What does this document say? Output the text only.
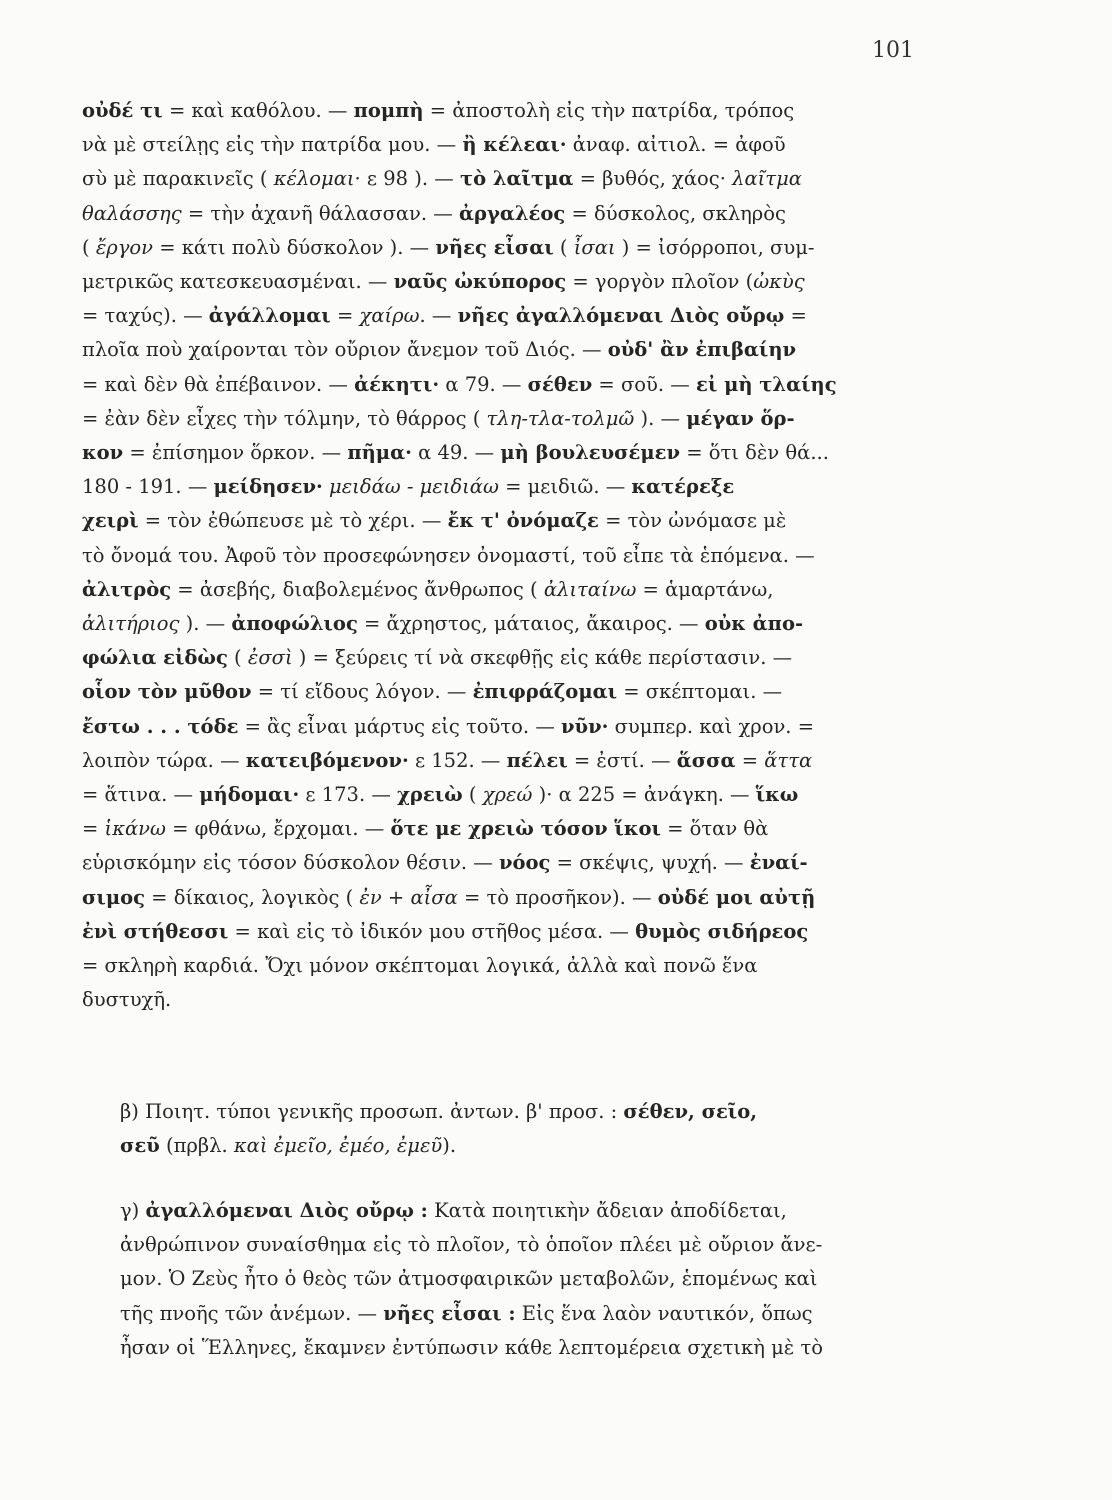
101
οὐδέ τι = καὶ καθόλου. — πομπὴ = ἀποστολὴ εἰς τὴν πατρίδα, τρόπος
νὰ μὲ στείλῃς εἰς τὴν πατρίδα μου. — ἢ κέλεαι· ἀναφ. αἰτιολ. = ἀφοῦ
σὺ μὲ παρακινεῖς ( κέλομαι· ε 98 ). — τὸ λαῖτμα = βυθός, χάος· λαῖτμα
θαλάσσης = τὴν ἀχανῆ θάλασσαν. — ἀργαλέος = δύσκολος, σκληρὸς
( ἔργον = κάτι πολὺ δύσκολον ). — νῆες εἶσαι ( ἶσαι ) = ἰσόρροποι, συμ-
μετρικῶς κατεσκευασμέναι. — ναῦς ὠκύπορος = γοργὸν πλοῖον (ὠκὺς
= ταχύς). — ἀγάλλομαι = χαίρω. — νῆες ἀγαλλόμεναι Διὸς οὔρῳ =
πλοῖα ποὺ χαίρονται τὸν οὔριον ἄνεμον τοῦ Διός. — οὐδ' ἂν ἐπιβαίην
= καὶ δὲν θὰ ἐπέβαινον. — ἀέκητι· α 79. — σέθεν = σοῦ. — εἰ μὴ τλαίης
= ἐὰν δὲν εἶχες τὴν τόλμην, τὸ θάρρος ( τλη-τλα-τολμῶ ). — μέγαν ὅρ-
κον = ἐπίσημον ὅρκον. — πῆμα· α 49. — μὴ βουλευσέμεν = ὅτι δὲν θά...
180 - 191. — μείδησεν· μειδάω - μειδιάω = μειδιῶ. — κατέρεξε
χειρὶ = τὸν ἐθώπευσε μὲ τὸ χέρι. — ἔκ τ' ὀνόμαζε = τὸν ὠνόμασε μὲ
τὸ ὄνομά του. Ἀφοῦ τὸν προσεφώνησεν ὀνομαστί, τοῦ εἶπε τὰ ἑπόμενα. —
ἀλιτρὸς = ἀσεβής, διαβολεμένος ἄνθρωπος ( ἀλιταίνω = ἁμαρτάνω,
ἀλιτήριος ). — ἀποφώλιος = ἄχρηστος, μάταιος, ἄκαιρος. — οὐκ ἀπο-
φώλια εἰδὼς ( ἐσσὶ ) = ξεύρεις τί νὰ σκεφθῇς εἰς κάθε περίστασιν. —
οἷον τὸν μῦθον = τί εἴδους λόγον. — ἐπιφράζομαι = σκέπτομαι. —
ἔστω . . . τόδε = ἂς εἶναι μάρτυς εἰς τοῦτο. — νῦν· συμπερ. καὶ χρον. =
λοιπὸν τώρα. — κατειβόμενον· ε 152. — πέλει = ἐστί. — ἅσσα = ἅττα
= ἅτινα. — μήδομαι· ε 173. — χρειὼ ( χρεώ )· α 225 = ἀνάγκη. — ἵκω
= ἱκάνω = φθάνω, ἔρχομαι. — ὅτε με χρειὼ τόσον ἵκοι = ὅταν θὰ
εὑρισκόμην εἰς τόσον δύσκολον θέσιν. — νόος = σκέψις, ψυχή. — ἐναί-
σιμος = δίκαιος, λογικὸς ( ἐν + αἶσα = τὸ προσῆκον). — οὐδέ μοι αὐτῇ
ἐνὶ στήθεσσι = καὶ εἰς τὸ ἰδικόν μου στῆθος μέσα. — θυμὸς σιδήρεος
= σκληρὴ καρδιά. Ὄχι μόνον σκέπτομαι λογικά, ἀλλὰ καὶ πονῶ ἕνα
δυστυχῆ.
β) Ποιητ. τύποι γενικῆς προσωπ. ἀντων. β' προσ. : σέθεν, σεῖο,
σεῦ (πρβλ. καὶ ἐμεῖο, ἐμέο, ἐμεῦ).
γ) ἀγαλλόμεναι Διὸς οὔρῳ : Κατὰ ποιητικὴν ἄδειαν ἀποδίδεται,
ἀνθρώπινον συναίσθημα εἰς τὸ πλοῖον, τὸ ὁποῖον πλέει μὲ οὔριον ἄνε-
μον. Ὁ Ζεὺς ἦτο ὁ θεὸς τῶν ἀτμοσφαιρικῶν μεταβολῶν, ἑπομένως καὶ
τῆς πνοῆς τῶν ἀνέμων. — νῆες εἶσαι : Εἰς ἕνα λαὸν ναυτικόν, ὅπως
ἦσαν οἱ Ἕλληνες, ἔκαμνεν ἐντύπωσιν κάθε λεπτομέρεια σχετικὴ μὲ τὸ
